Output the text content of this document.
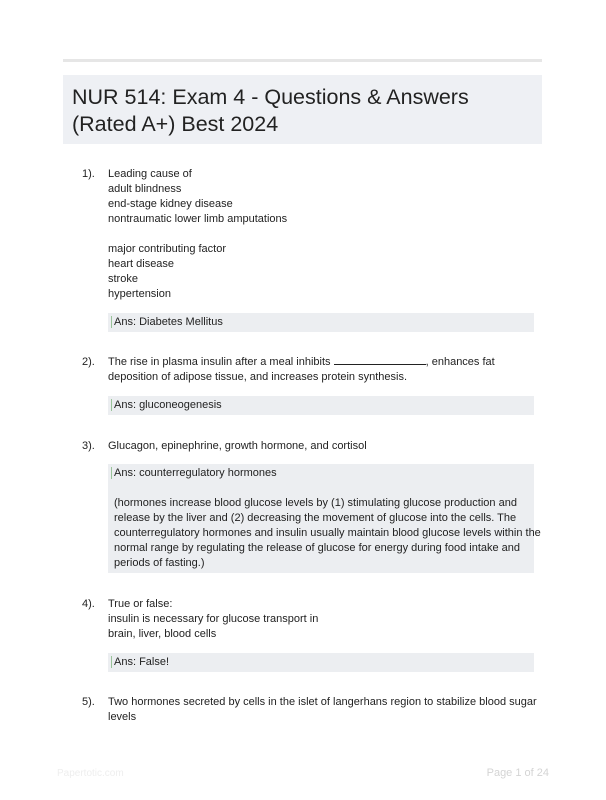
NUR 514: Exam 4 - Questions & Answers (Rated A+) Best 2024
1). Leading cause of
adult blindness
end-stage kidney disease
nontraumatic lower limb amputations
major contributing factor
heart disease
stroke
hypertension

Ans: Diabetes Mellitus

2). The rise in plasma insulin after a meal inhibits	, enhances fat
deposition of adipose tissue, and increases protein synthesis.

Ans: gluconeogenesis

3). Glucagon, epinephrine, growth hormone, and cortisol

Ans: counterregulatory hormones

(hormones increase blood glucose levels by (1) stimulating glucose production and
release by the liver and (2) decreasing the movement of glucose into the cells. The
counterregulatory hormones and insulin usually maintain blood glucose levels within the
normal range by regulating the release of glucose for energy during food intake and
periods of fasting.)

4). True or false:
insulin is necessary for glucose transport in
brain, liver, blood cells

Ans: False!

5). Two hormones secreted by cells in the islet of langerhans region to stabilize blood sugar
levels
Papertotic.com	Page 1 of 24
